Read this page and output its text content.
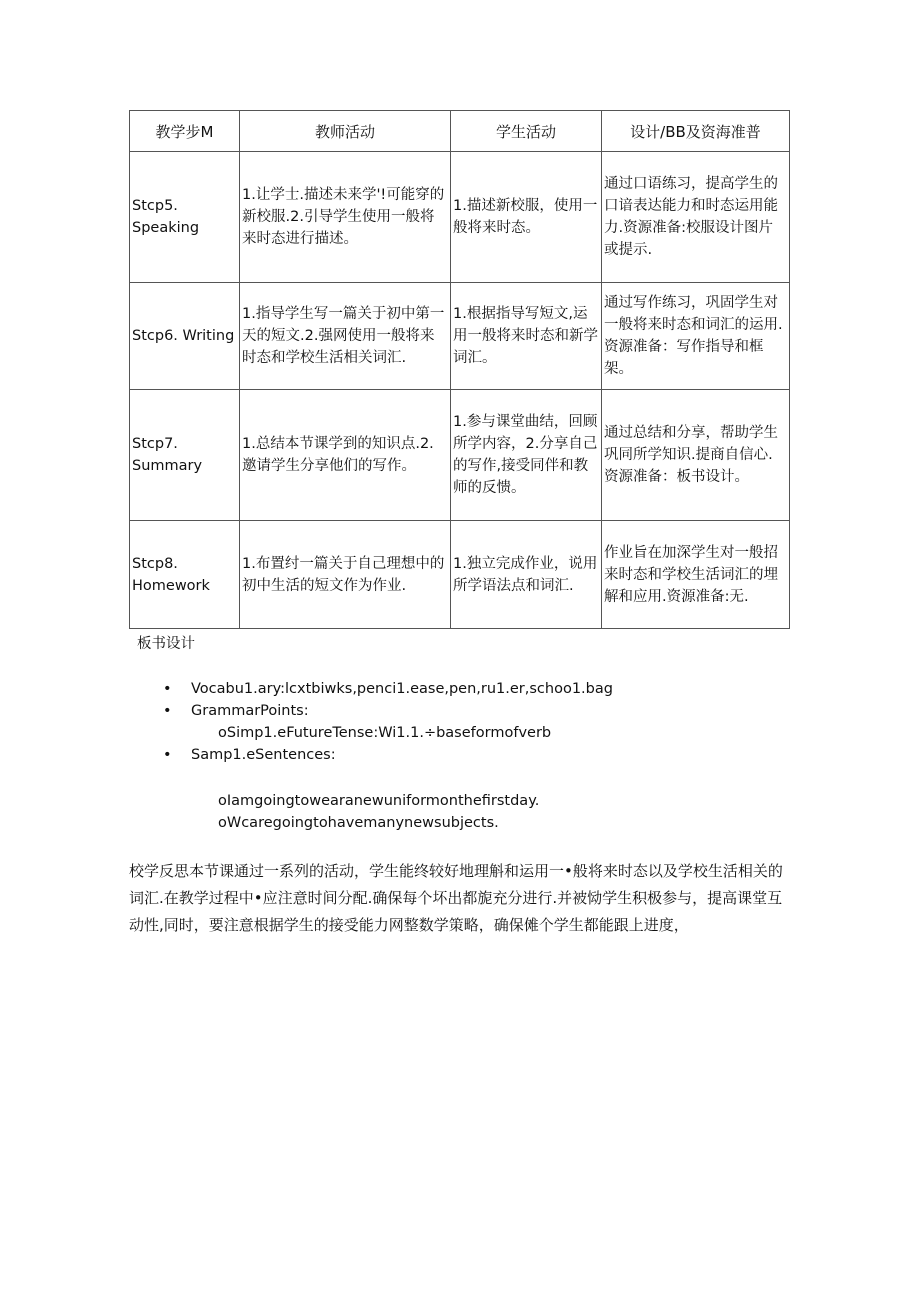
教学步M	教师活动	学生活动	设计/BB及资海准普
Stcp5. Speaking	1.让学士.描述未来学'!可能穿的新校服.2.引导学生使用一般将来时态进行描述。	1.描述新校服，使用一般将来时态。	通过口语练习，提高学生的口谙表达能力和时态运用能力.资源准备:校服设计图片或提示.
Stcp6. Writing	1.指导学生写一篇关于初中第一天的短文.2.强网使用一般将来时态和学校生活相关词汇.	1.根据指导写短文,运用一般将来时态和新学词汇。	通过写作练习，巩固学生对一般将来时态和词汇的运用.资源准备：写作指导和框架。
Stcp7. Summary	1.总结本节课学到的知识点.2.邀请学生分享他们的写作。	1.参与课堂曲结，回顾所学内容，2.分享自己的写作,接受同伴和教师的反愦。	通过总结和分享，帮助学生巩同所学知识.提商自信心.资源准备：板书设计。
Stcp8. Homework	1.布置纣一篇关于自己理想中的初中生活的短文作为作业.	1.独立完成作业，说用所学语法点和词汇.	作业旨在加深学生对一般招来时态和学校生活词汇的埋解和应用.资源准备:无.
板书设计
• Vocabu1.ary:lcxtbiwks,penci1.ease,pen,ru1.er,schoo1.bag
• GrammarPoints:
oSimp1.eFutureTense:Wi1.1.÷baseformofverb
• Samp1.eSentences:
oIamgoingtowearanewuniformonthefirstday.
oWcaregoingtohavemanynewsubjects.

校学反思本节课通过一系列的活动，学生能终较好地理斛和运用一•般将来时态以及学校生活相关的词汇.在教学过程中•应注意时间分配.确保每个坏出都旎充分进行.并被恸学生积极参与，提高课堂互动性,同时，要注意根据学生的接受能力网整数学策略，确保傩个学生都能跟上进度，
